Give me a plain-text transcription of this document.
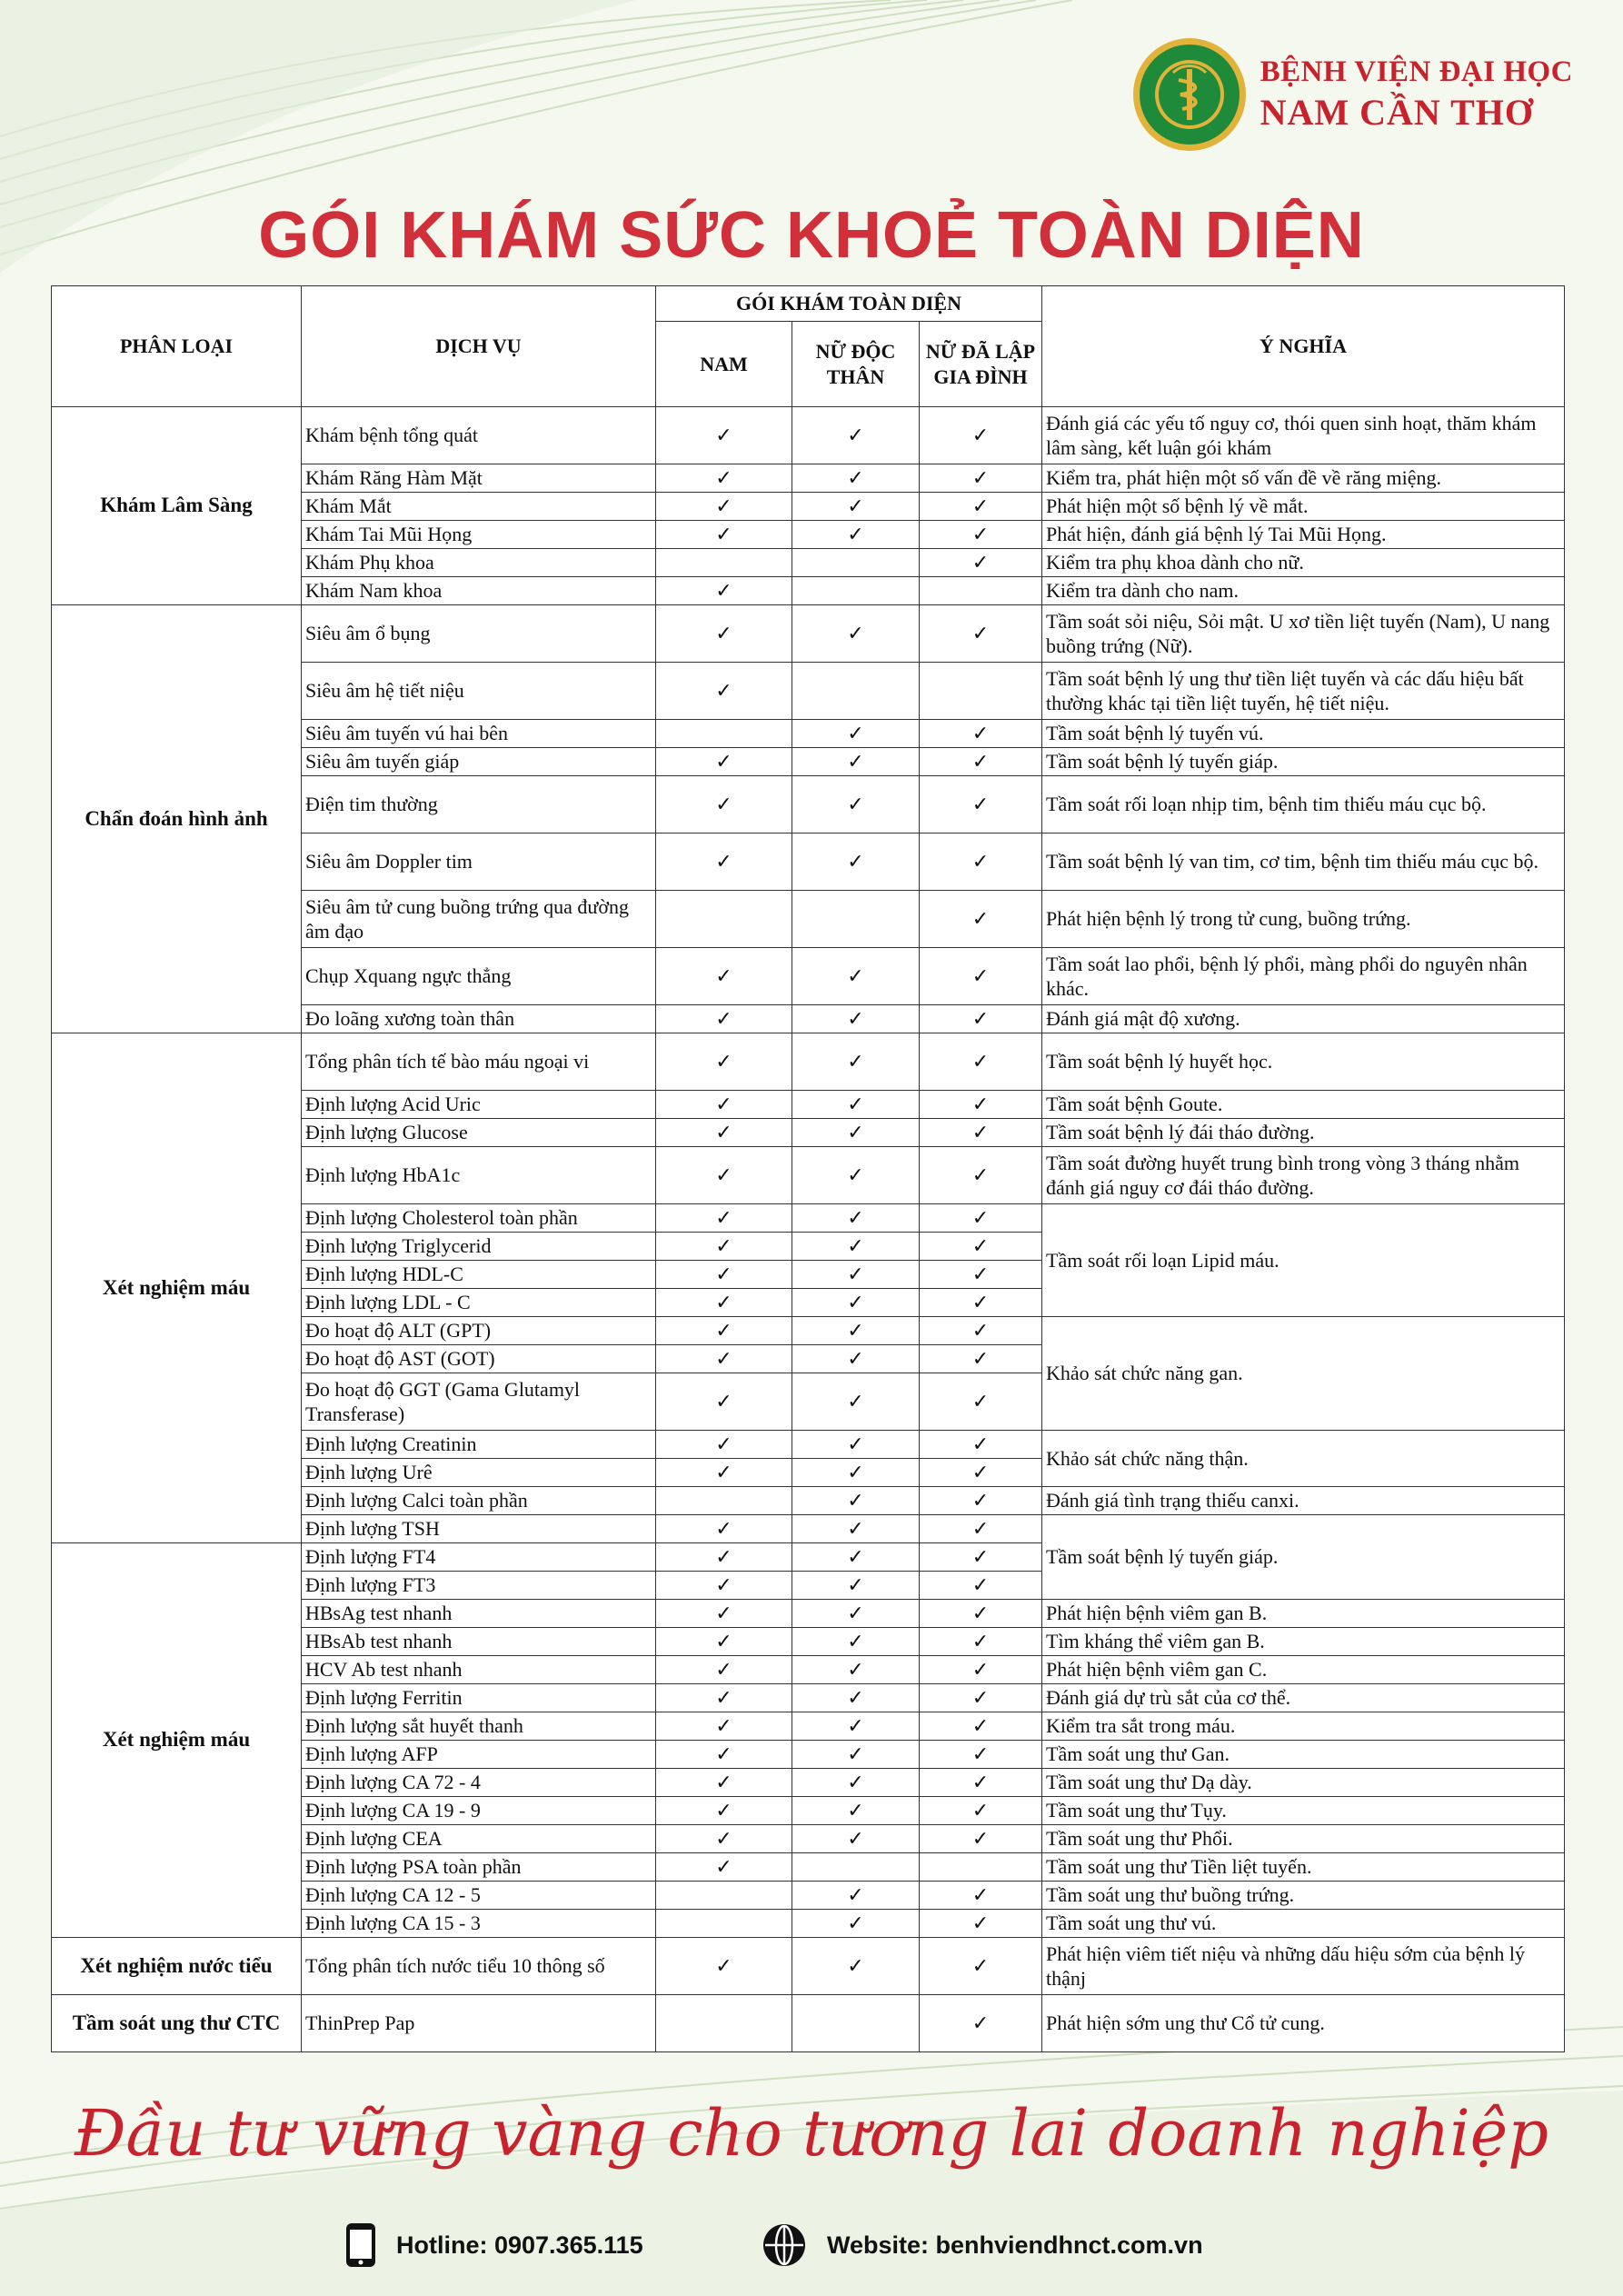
BỆNH VIỆN ĐẠI HỌC
NAM CẦN THƠ
GÓI KHÁM SỨC KHOẺ TOÀN DIỆN
PHÂN LOẠI	DỊCH VỤ	GÓI KHÁM TOÀN DIỆN			Ý NGHĨA
		NAM	NỮ ĐỘC THÂN	NỮ ĐÃ LẬP GIA ĐÌNH	
Khám Lâm Sàng	Khám bệnh tổng quát	✓	✓	✓	Đánh giá các yếu tố nguy cơ, thói quen sinh hoạt, thăm khám lâm sàng, kết luận gói khám
	Khám Răng Hàm Mặt	✓	✓	✓	Kiểm tra, phát hiện một số vấn đề về răng miệng.
	Khám Mắt	✓	✓	✓	Phát hiện một số bệnh lý về mắt.
	Khám Tai Mũi Họng	✓	✓	✓	Phát hiện, đánh giá bệnh lý Tai Mũi Họng.
	Khám Phụ khoa			✓	Kiểm tra phụ khoa dành cho nữ.
	Khám Nam khoa	✓			Kiểm tra dành cho nam.
Chẩn đoán hình ảnh	Siêu âm ổ bụng	✓	✓	✓	Tầm soát sỏi niệu, Sỏi mật. U xơ tiền liệt tuyến (Nam), U nang buồng trứng (Nữ).
	Siêu âm hệ tiết niệu	✓			Tầm soát bệnh lý ung thư tiền liệt tuyến và các dấu hiệu bất thường khác tại tiền liệt tuyến, hệ tiết niệu.
	Siêu âm tuyến vú hai bên		✓	✓	Tầm soát bệnh lý tuyến vú.
	Siêu âm tuyến giáp	✓	✓	✓	Tầm soát bệnh lý tuyến giáp.
	Điện tim thường	✓	✓	✓	Tầm soát rối loạn nhịp tim, bệnh tim thiếu máu cục bộ.
	Siêu âm Doppler tim	✓	✓	✓	Tầm soát bệnh lý van tim, cơ tim, bệnh tim thiếu máu cục bộ.
	Siêu âm tử cung buồng trứng qua đường âm đạo			✓	Phát hiện bệnh lý trong tử cung, buồng trứng.
	Chụp Xquang ngực thẳng	✓	✓	✓	Tầm soát lao phổi, bệnh lý phổi, màng phổi do nguyên nhân khác.
	Đo loãng xương toàn thân	✓	✓	✓	Đánh giá mật độ xương.
Xét nghiệm máu	Tổng phân tích tế bào máu ngoại vi	✓	✓	✓	Tầm soát bệnh lý huyết học.
	Định lượng Acid Uric	✓	✓	✓	Tầm soát bệnh Goute.
	Định lượng Glucose	✓	✓	✓	Tầm soát bệnh lý đái tháo đường.
	Định lượng HbA1c	✓	✓	✓	Tầm soát đường huyết trung bình trong vòng 3 tháng nhằm đánh giá nguy cơ đái tháo đường.
	Định lượng Cholesterol toàn phần	✓	✓	✓	Tầm soát rối loạn Lipid máu.
	Định lượng Triglycerid	✓	✓	✓	
	Định lượng HDL-C	✓	✓	✓	
	Định lượng LDL - C	✓	✓	✓	
	Đo hoạt độ ALT (GPT)	✓	✓	✓	Khảo sát chức năng gan.
	Đo hoạt độ AST (GOT)	✓	✓	✓	
	Đo hoạt độ GGT (Gama Glutamyl Transferase)	✓	✓	✓	
	Định lượng Creatinin	✓	✓	✓	Khảo sát chức năng thận.
	Định lượng Urê	✓	✓	✓	
	Định lượng Calci toàn phần		✓	✓	Đánh giá tình trạng thiếu canxi.
	Định lượng TSH	✓	✓	✓	Tầm soát bệnh lý tuyến giáp.
Xét nghiệm máu	Định lượng FT4	✓	✓	✓	
	Định lượng FT3	✓	✓	✓	
	HBsAg test nhanh	✓	✓	✓	Phát hiện bệnh viêm gan B.
	HBsAb test nhanh	✓	✓	✓	Tìm kháng thể viêm gan B.
	HCV Ab test nhanh	✓	✓	✓	Phát hiện bệnh viêm gan C.
	Định lượng Ferritin	✓	✓	✓	Đánh giá dự trù sắt của cơ thể.
	Định lượng sắt huyết thanh	✓	✓	✓	Kiểm tra sắt trong máu.
	Định lượng AFP	✓	✓	✓	Tầm soát ung thư Gan.
	Định lượng CA 72 - 4	✓	✓	✓	Tầm soát ung thư Dạ dày.
	Định lượng CA 19 - 9	✓	✓	✓	Tầm soát ung thư Tụy.
	Định lượng CEA	✓	✓	✓	Tầm soát ung thư Phổi.
	Định lượng PSA toàn phần	✓			Tầm soát ung thư Tiền liệt tuyến.
	Định lượng CA 12 - 5		✓	✓	Tầm soát ung thư buồng trứng.
	Định lượng CA 15 - 3		✓	✓	Tầm soát ung thư vú.
Xét nghiệm nước tiểu	Tổng phân tích nước tiểu 10 thông số	✓	✓	✓	Phát hiện viêm tiết niệu và những dấu hiệu sớm của bệnh lý thậnj
Tầm soát ung thư CTC	ThinPrep Pap			✓	Phát hiện sớm ung thư Cổ tử cung.
Đầu tư vững vàng cho tương lai doanh nghiệp
Hotline: 0907.365.115	Website: benhviendhnct.com.vn
